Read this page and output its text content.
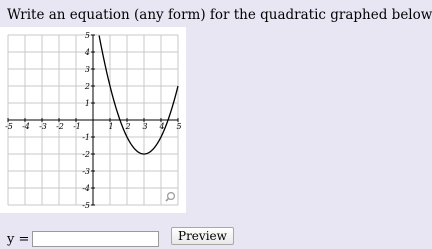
Write an equation (any form) for the quadratic graphed below
-5 -4 -3 -2 -1	1 2 3 4 5
5
4
3
2
1
-1
-2
-3
-4
-5
y =	Preview
